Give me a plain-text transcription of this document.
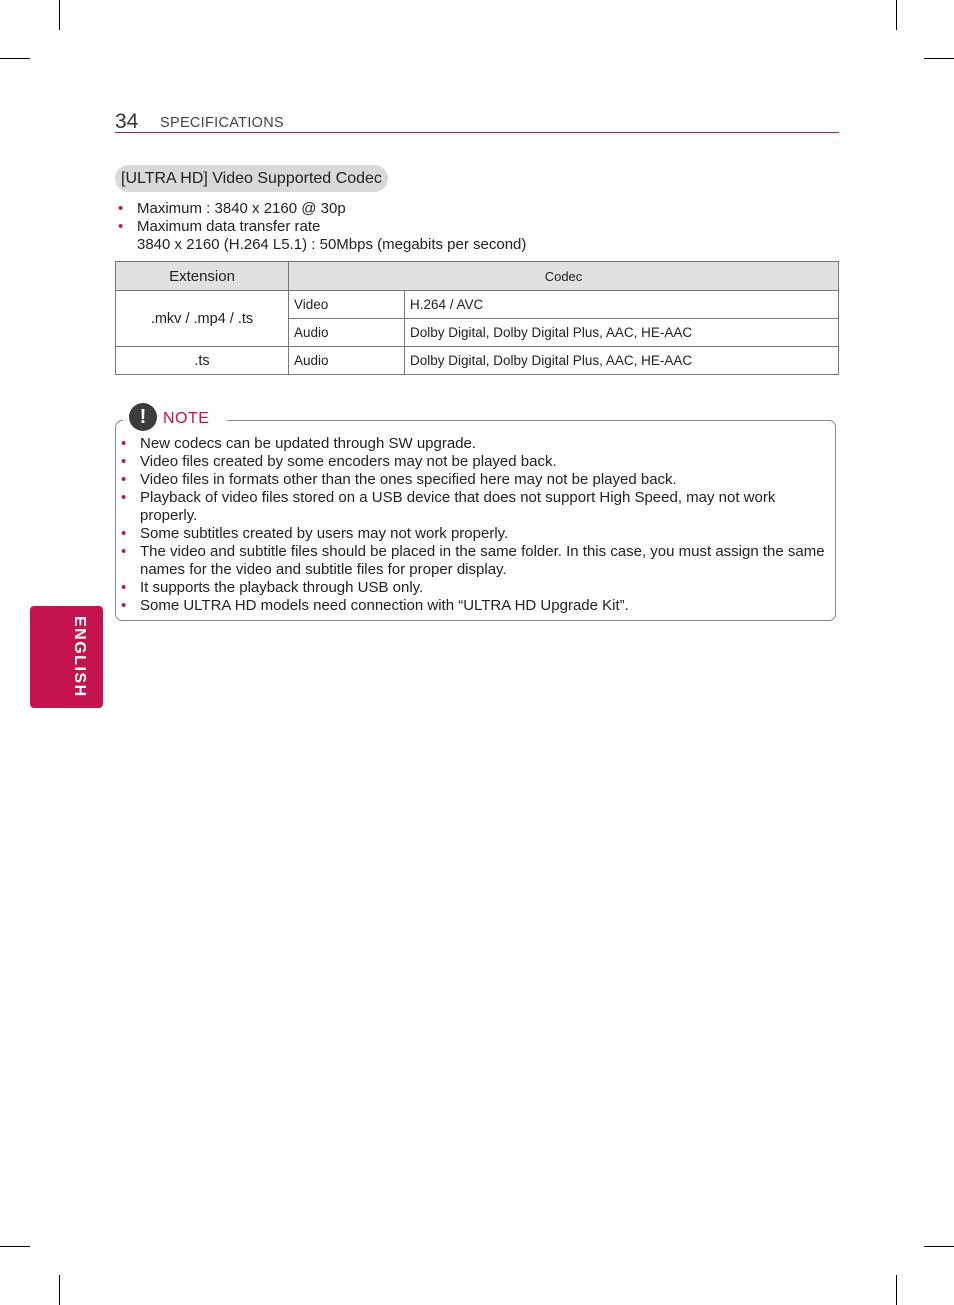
34 SPECIFICATIONS
ENGLISH
[ULTRA HD] Video Supported Codec
• Maximum : 3840 x 2160 @ 30p
• Maximum data transfer rate
3840 x 2160 (H.264 L5.1) : 50Mbps (megabits per second)
Extension	Codec	
.mkv / .mp4 / .ts	Video	H.264 / AVC
	Audio	Dolby Digital, Dolby Digital Plus, AAC, HE-AAC
.ts	Audio	Dolby Digital, Dolby Digital Plus, AAC, HE-AAC
!	NOTE
• New codecs can be updated through SW upgrade.
• Video files created by some encoders may not be played back.
• Video files in formats other than the ones specified here may not be played back.
• Playback of video files stored on a USB device that does not support High Speed, may not work properly.
• Some subtitles created by users may not work properly.
• The video and subtitle files should be placed in the same folder. In this case, you must assign the same names for the video and subtitle files for proper display.
• It supports the playback through USB only.
• Some ULTRA HD models need connection with “ULTRA HD Upgrade Kit”.
